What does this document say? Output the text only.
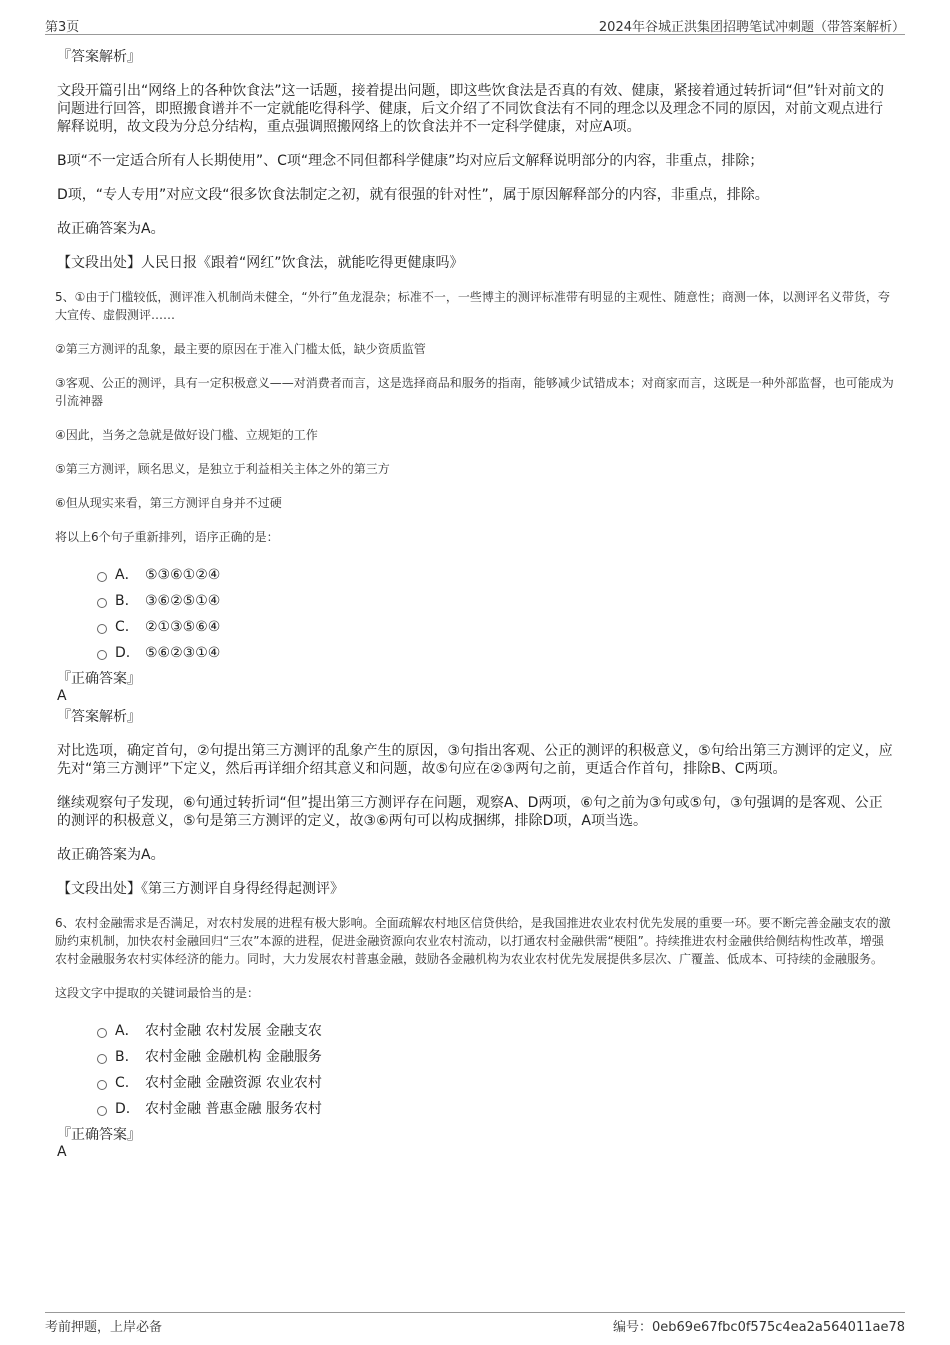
第3页	2024年谷城正洪集团招聘笔试冲刺题（带答案解析）
『答案解析』
文段开篇引出“网络上的各种饮食法”这一话题，接着提出问题，即这些饮食法是否真的有效、健康，紧接着通过转折词“但”针对前文的问题进行回答，即照搬食谱并不一定就能吃得科学、健康，后文介绍了不同饮食法有不同的理念以及理念不同的原因，对前文观点进行解释说明，故文段为分总分结构，重点强调照搬网络上的饮食法并不一定科学健康，对应A项。
B项“不一定适合所有人长期使用”、C项“理念不同但都科学健康”均对应后文解释说明部分的内容，非重点，排除；
D项，“专人专用”对应文段“很多饮食法制定之初，就有很强的针对性”，属于原因解释部分的内容，非重点，排除。
故正确答案为A。
【文段出处】人民日报《跟着“网红”饮食法，就能吃得更健康吗》
5、①由于门槛较低，测评准入机制尚未健全，“外行”鱼龙混杂；标准不一，一些博主的测评标准带有明显的主观性、随意性；商测一体，以测评名义带货，夸大宣传、虚假测评……
②第三方测评的乱象，最主要的原因在于准入门槛太低，缺少资质监管
③客观、公正的测评，具有一定积极意义——对消费者而言，这是选择商品和服务的指南，能够减少试错成本；对商家而言，这既是一种外部监督，也可能成为引流神器
④因此，当务之急就是做好设门槛、立规矩的工作
⑤第三方测评，顾名思义，是独立于利益相关主体之外的第三方
⑥但从现实来看，第三方测评自身并不过硬
将以上6个句子重新排列，语序正确的是：
A． ⑤③⑥①②④
B. ③⑥②⑤①④
C. ②①③⑤⑥④
D. ⑤⑥②③①④
『正确答案』
A
『答案解析』
对比选项，确定首句，②句提出第三方测评的乱象产生的原因，③句指出客观、公正的测评的积极意义，⑤句给出第三方测评的定义，应先对“第三方测评”下定义，然后再详细介绍其意义和问题，故⑤句应在②③两句之前，更适合作首句，排除B、C两项。
继续观察句子发现，⑥句通过转折词“但”提出第三方测评存在问题，观察A、D两项，⑥句之前为③句或⑤句，③句强调的是客观、公正的测评的积极意义，⑤句是第三方测评的定义，故③⑥两句可以构成捆绑，排除D项，A项当选。
故正确答案为A。
【文段出处】《第三方测评自身得经得起测评》
6、农村金融需求是否满足，对农村发展的进程有极大影响。全面疏解农村地区信贷供给，是我国推进农业农村优先发展的重要一环。要不断完善金融支农的激励约束机制，加快农村金融回归“三农”本源的进程，促进金融资源向农业农村流动，以打通农村金融供需“梗阻”。持续推进农村金融供给侧结构性改革，增强农村金融服务农村实体经济的能力。同时，大力发展农村普惠金融，鼓励各金融机构为农业农村优先发展提供多层次、广覆盖、低成本、可持续的金融服务。
这段文字中提取的关键词最恰当的是：
A． 农村金融 农村发展 金融支农
B. 农村金融 金融机构 金融服务
C. 农村金融 金融资源 农业农村
D. 农村金融 普惠金融 服务农村
『正确答案』
A
考前押题，上岸必备	编号：0eb69e67fbc0f575c4ea2a564011ae78
